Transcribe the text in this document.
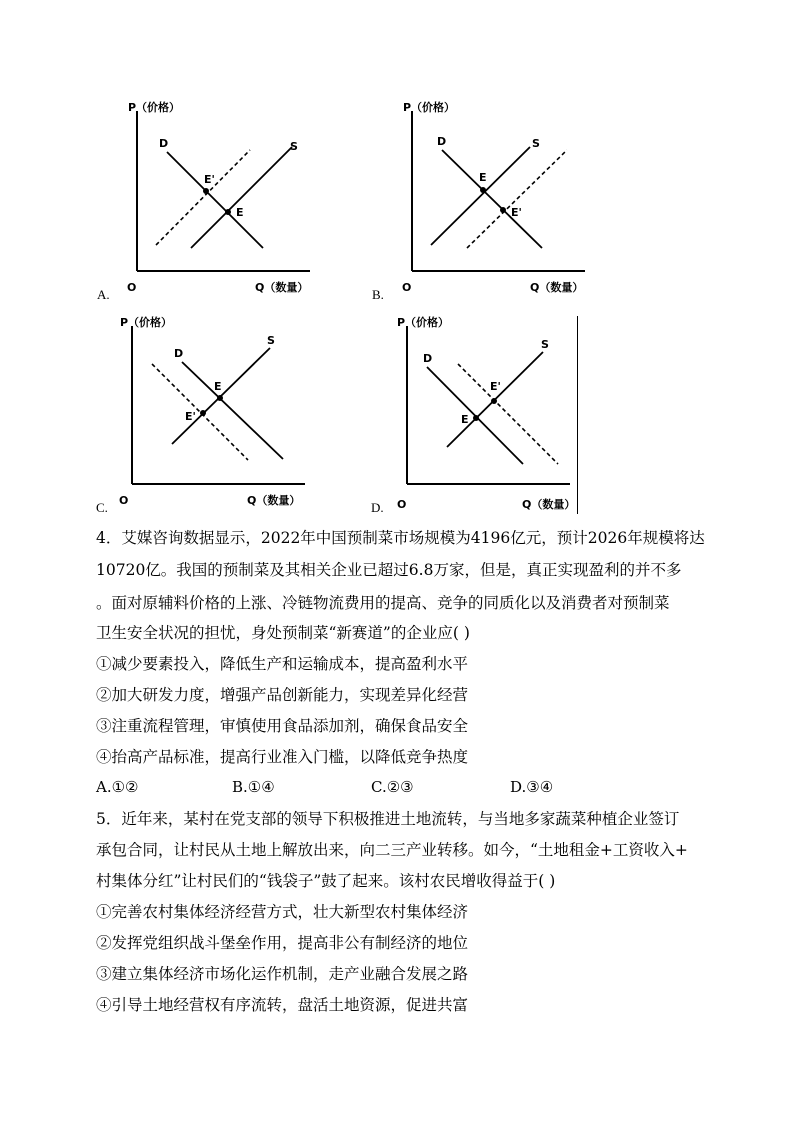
P（价格）
Q（数量）
O
D	S
E
E'
A.
P（价格）
Q（数量）
O
D	S
E
E'
B.
P（价格）
Q（数量）
O
D
S
E
E'
C.
P（价格）
Q（数量）
O
D
S
E
E'
D.
4．艾媒咨询数据显示，2022年中国预制菜市场规模为4196亿元，预计2026年规模将达
10720亿。我国的预制菜及其相关企业已超过6.8万家，但是，真正实现盈利的并不多
。面对原辅料价格的上涨、冷链物流费用的提高、竞争的同质化以及消费者对预制菜
卫生安全状况的担忧，身处预制菜“新赛道”的企业应( )
①减少要素投入，降低生产和运输成本，提高盈利水平
②加大研发力度，增强产品创新能力，实现差异化经营
③注重流程管理，审慎使用食品添加剂，确保食品安全
④抬高产品标准，提高行业准入门槛，以降低竞争热度
A.①②	B.①④	C.②③	D.③④
5．近年来，某村在党支部的领导下积极推进土地流转，与当地多家蔬菜种植企业签订
承包合同，让村民从土地上解放出来，向二三产业转移。如今，“土地租金+工资收入+
村集体分红”让村民们的“钱袋子”鼓了起来。该村农民增收得益于( )
①完善农村集体经济经营方式，壮大新型农村集体经济
②发挥党组织战斗堡垒作用，提高非公有制经济的地位
③建立集体经济市场化运作机制，走产业融合发展之路
④引导土地经营权有序流转，盘活土地资源，促进共富
